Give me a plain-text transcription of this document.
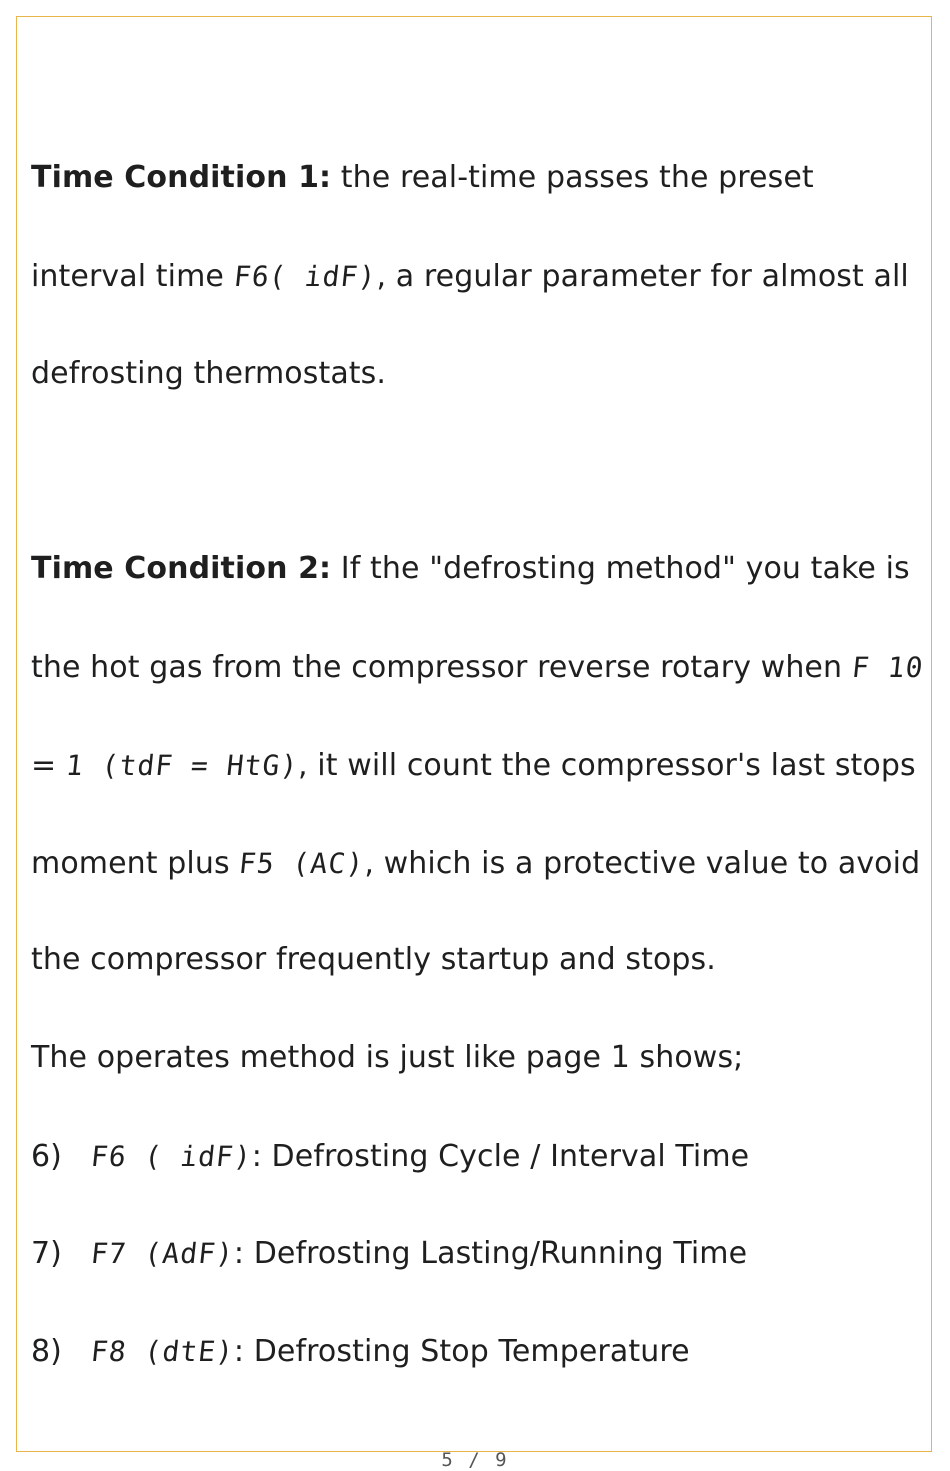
Time Condition 1: the real-time passes the preset
interval time F6( idF), a regular parameter for almost all
defrosting thermostats.
Time Condition 2: If the "defrosting method" you take is
the hot gas from the compressor reverse rotary when F 10
= 1 (tdF = HtG), it will count the compressor's last stops
moment plus F5 (AC), which is a protective value to avoid
the compressor frequently startup and stops.
The operates method is just like page 1 shows;
6) F6 ( idF): Defrosting Cycle / Interval Time
7) F7 (AdF): Defrosting Lasting/Running Time
8) F8 (dtE): Defrosting Stop Temperature
5 / 9
